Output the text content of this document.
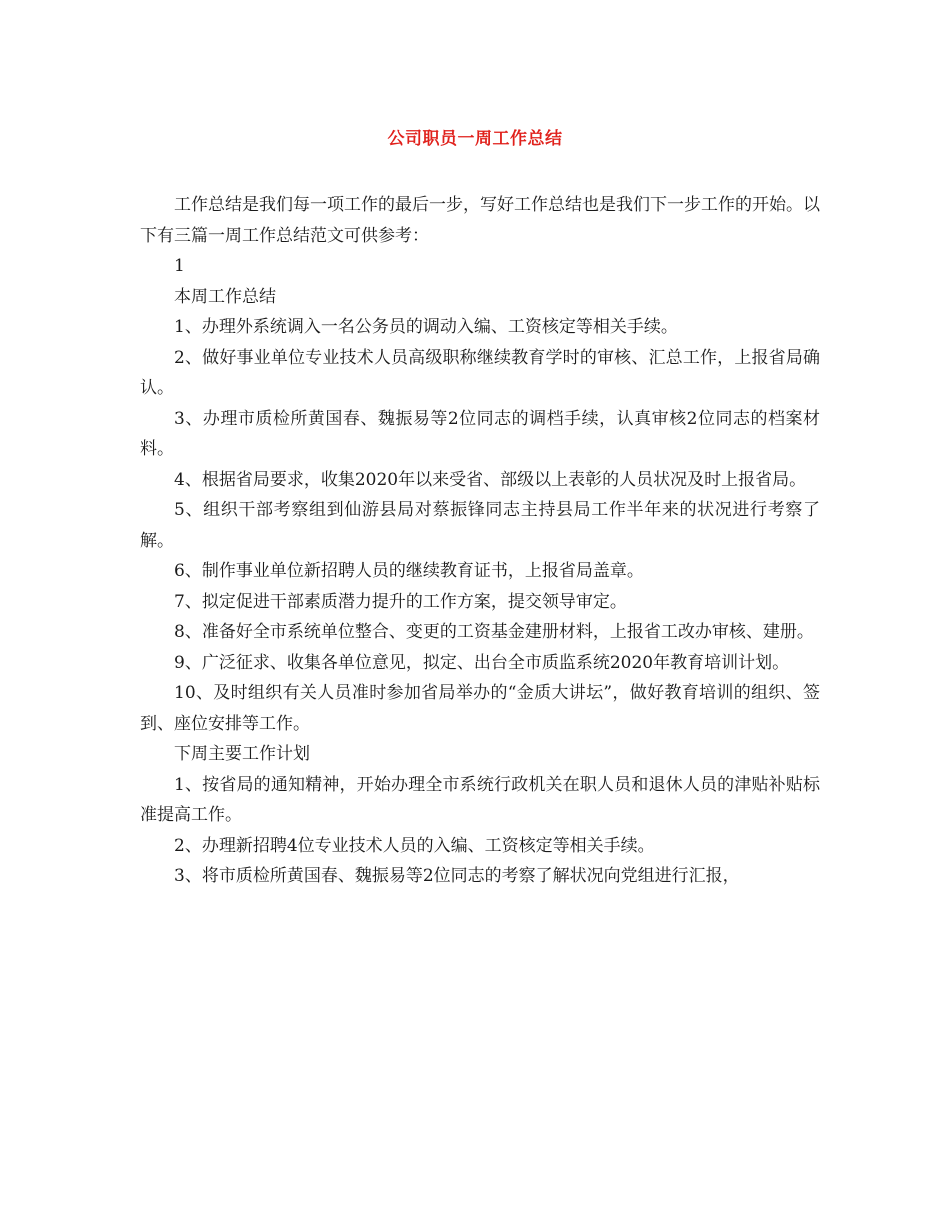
公司职员一周工作总结

工作总结是我们每一项工作的最后一步，写好工作总结也是我们下一步工作的开始。以下有三篇一周工作总结范文可供参考：

1

本周工作总结

1、办理外系统调入一名公务员的调动入编、工资核定等相关手续。

2、做好事业单位专业技术人员高级职称继续教育学时的审核、汇总工作，上报省局确认。

3、办理市质检所黄国春、魏振易等2位同志的调档手续，认真审核2位同志的档案材料。

4、根据省局要求，收集2020年以来受省、部级以上表彰的人员状况及时上报省局。

5、组织干部考察组到仙游县局对蔡振锋同志主持县局工作半年来的状况进行考察了解。

6、制作事业单位新招聘人员的继续教育证书，上报省局盖章。

7、拟定促进干部素质潜力提升的工作方案，提交领导审定。

8、准备好全市系统单位整合、变更的工资基金建册材料，上报省工改办审核、建册。

9、广泛征求、收集各单位意见，拟定、出台全市质监系统2020年教育培训计划。

10、及时组织有关人员准时参加省局举办的“金质大讲坛”，做好教育培训的组织、签到、座位安排等工作。

下周主要工作计划

1、按省局的通知精神，开始办理全市系统行政机关在职人员和退休人员的津贴补贴标准提高工作。

2、办理新招聘4位专业技术人员的入编、工资核定等相关手续。

3、将市质检所黄国春、魏振易等2位同志的考察了解状况向党组进行汇报，
